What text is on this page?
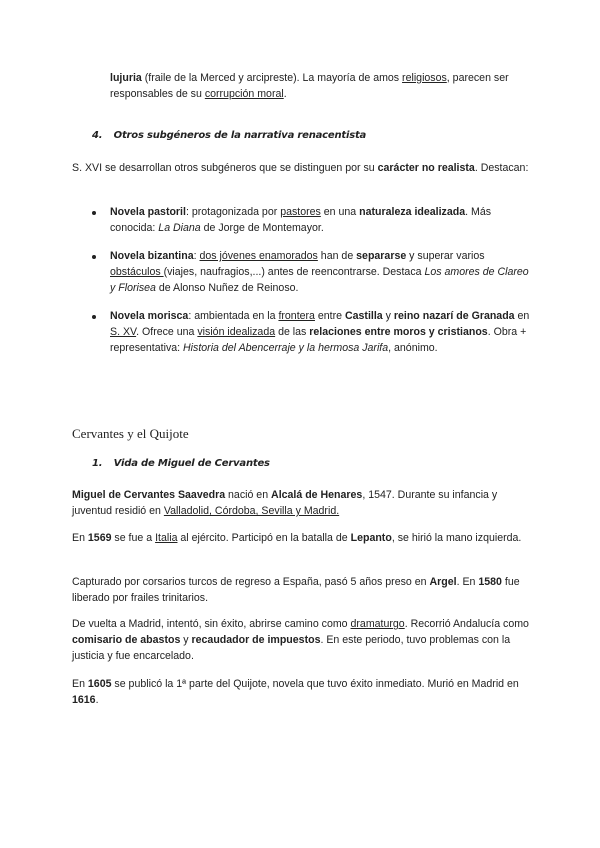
lujuria (fraile de la Merced y arcipreste). La mayoría de amos religiosos, parecen ser responsables de su corrupción moral.

4. Otros subgéneros de la narrativa renacentista

S. XVI se desarrollan otros subgéneros que se distinguen por su carácter no realista. Destacan:

Novela pastoril: protagonizada por pastores en una naturaleza idealizada. Más conocida: La Diana de Jorge de Montemayor.

Novela bizantina: dos jóvenes enamorados han de separarse y superar varios obstáculos (viajes, naufragios,...) antes de reencontrarse. Destaca Los amores de Clareo y Florisea de Alonso Nuñez de Reinoso.

Novela morisca: ambientada en la frontera entre Castilla y reino nazarí de Granada en S. XV. Ofrece una visión idealizada de las relaciones entre moros y cristianos. Obra + representativa: Historia del Abencerraje y la hermosa Jarifa, anónimo.

Cervantes y el Quijote
1. Vida de Miguel de Cervantes

Miguel de Cervantes Saavedra nació en Alcalá de Henares, 1547. Durante su infancia y juventud residió en Valladolid, Córdoba, Sevilla y Madrid.

En 1569 se fue a Italia al ejército. Participó en la batalla de Lepanto, se hirió la mano izquierda.

Capturado por corsarios turcos de regreso a España, pasó 5 años preso en Argel. En 1580 fue liberado por frailes trinitarios.

De vuelta a Madrid, intentó, sin éxito, abrirse camino como dramaturgo. Recorrió Andalucía como comisario de abastos y recaudador de impuestos. En este periodo, tuvo problemas con la justicia y fue encarcelado.

En 1605 se publicó la 1ª parte del Quijote, novela que tuvo éxito inmediato. Murió en Madrid en 1616.
